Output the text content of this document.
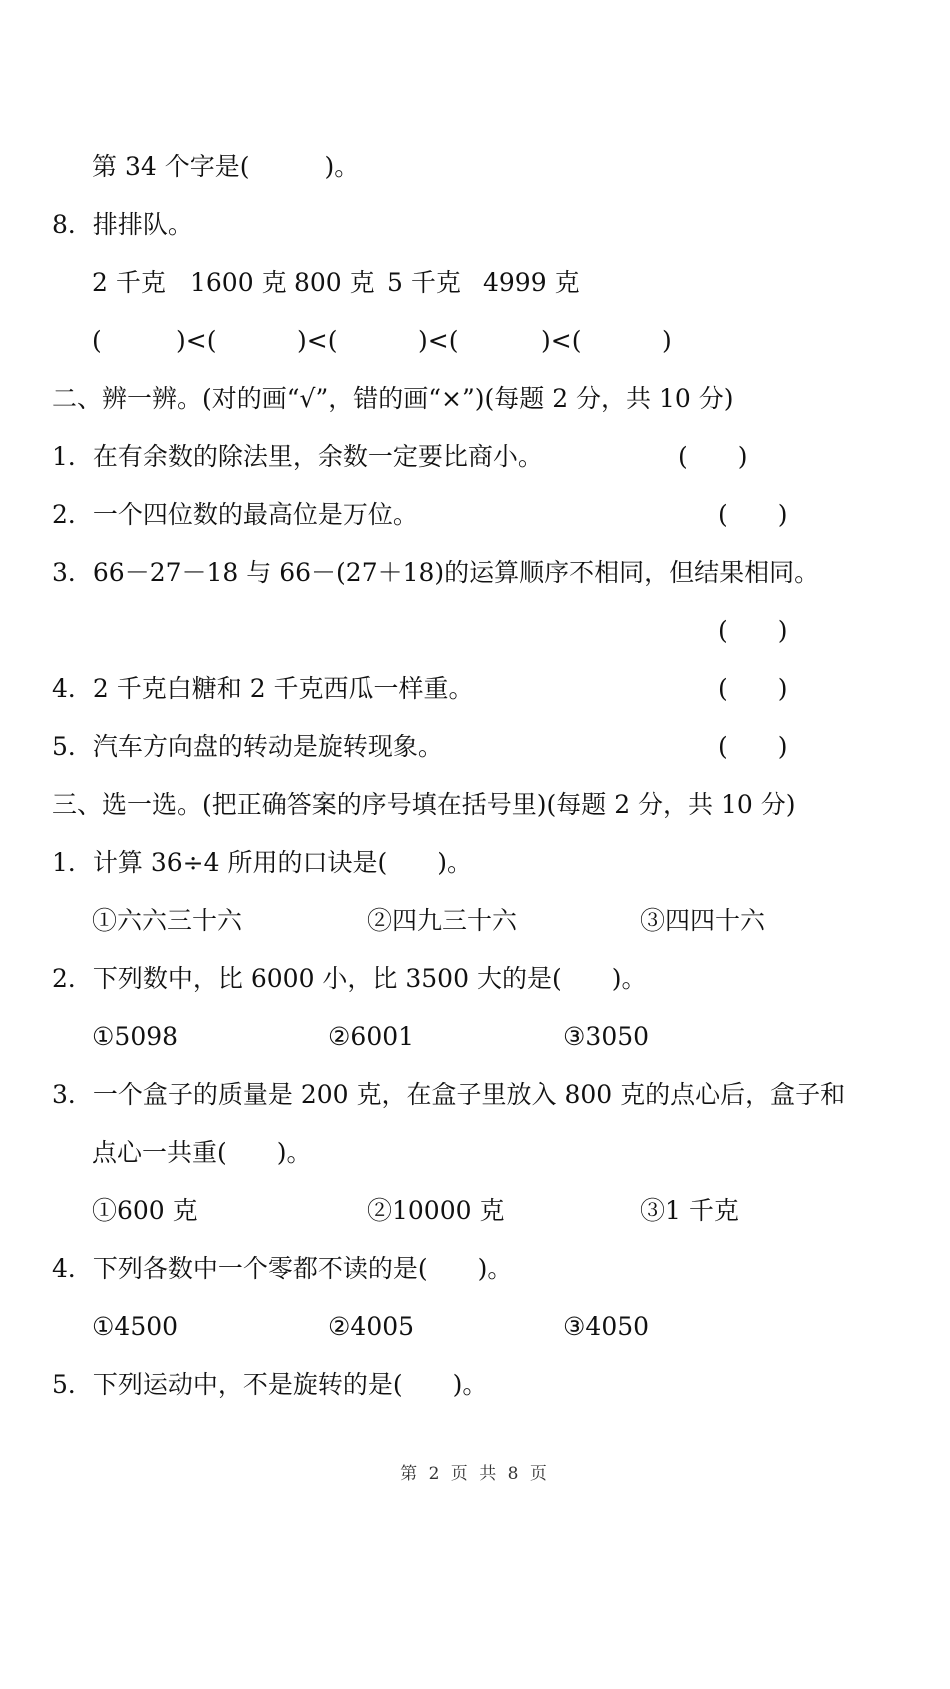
第 34 个字是(　　　)。
8．排排队。
2 千克 1600 克 800 克 5 千克 4999 克
(	)<(	)<(	)<(	)<(	)
二、辨一辨。(对的画“√”，错的画“×”)(每题 2 分，共 10 分)
1．在有余数的除法里，余数一定要比商小。	(　　)
2．一个四位数的最高位是万位。	(　　)
3．66－27－18 与 66－(27＋18)的运算顺序不相同，但结果相同。
(　　)
4．2 千克白糖和 2 千克西瓜一样重。	(　　)
5．汽车方向盘的转动是旋转现象。	(　　)
三、选一选。(把正确答案的序号填在括号里)(每题 2 分，共 10 分)
1．计算 36÷4 所用的口诀是(　　)。
①六六三十六	②四九三十六	③四四十六
2．下列数中，比 6000 小，比 3500 大的是(　　)。
①5098	②6001	③3050
3．一个盒子的质量是 200 克，在盒子里放入 800 克的点心后，盒子和
点心一共重(　　)。
①600 克	②10000 克	③1 千克
4．下列各数中一个零都不读的是(　　)。
①4500	②4005	③4050
5．下列运动中，不是旋转的是(　　)。
第 2 页 共 8 页
